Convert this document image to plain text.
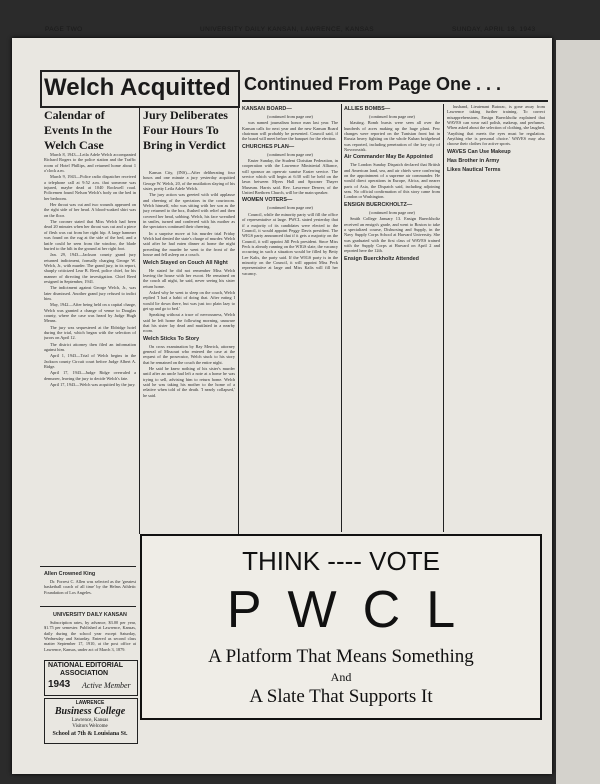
PAGE TWO	UNIVERSITY DAILY KANSAN, LAWRENCE, KANSAS	SUNDAY, APRIL 18, 1943
Welch Acquitted Continued From Page One . . .
Calendar of Events In the Welch Case

March 8, 1943—Leila Adele Welch accompanied Richard Rogers to the police station and the Traffic room of Hotel Phillips, and returned home about 1 o'clock a.m.

March 9, 1943—Police radio dispatcher received a telephone call at 9:52 a.m. that someone was injured, maybe dead at 1040 Rockwell road. Policemen found Nelson Welch's body on the bed in her bedroom.

Her throat was cut and two wounds appeared on the right side of her head. A blood-soaked shirt was on the floor.

The coroner stated that Miss Welch had been dead 20 minutes when her throat was cut and a piece of flesh was cut from her right hip. A large hammer was found on the rug at the side of the bed, and a knife could be seen from the window, the blade buried to the hilt in the ground at her right foot.

Jan. 29, 1943—Jackson county grand jury returned indictment, formally charging George W. Welch, Jr., with murder. The grand jury, in its report, sharply criticized Lear B. Reed, police chief, for his manner of directing the investigation. Chief Reed resigned in September, 1941.

The indictment against George Welch, Jr., was later dismissed. Another grand jury refused to indict him.

May, 1942—After being held on a capital charge, Welch was granted a change of venue to Douglas county, where the case was heard by Judge Hugh Means.

The jury was sequestered at the Eldridge hotel during the trial, which began with the selection of jurors on April 12.

The district attorney then filed an information against him.

April 1, 1943—Trial of Welch begins in the Jackson county Circuit court before Judge Albert A. Ridge.

April 17, 1943—Judge Ridge overruled a demurrer, leaving the jury to decide Welch's fate.

April 17, 1943—Welch was acquitted by the jury.

Jury Deliberates Four Hours To Bring in Verdict

Kansas City, (INS)—After deliberating four hours and one minute a jury yesterday acquitted George W. Welch, 20, of the mutilation slaying of his sister, pretty Leila Adele Welch.

The jury action was greeted with wild applause and cheering of the spectators in the courtroom. Welch himself, who was sitting with her son as the jury returned to the box, flushed with relief and then covered her head, sobbing. Welch, his face wreathed in smiles, turned and conferred with his mother as the spectators continued their cheering.

In a surprise move at his murder trial Friday Welch had denied the state's charge of murder. Welch said after he had eaten dinner at home the night preceding the murder he went to the front of the house and fell asleep on a couch.

Welch Stayed on Couch All Night

He stated he did not remember Miss Welch leaving the house with her escort. He remained on the couch all night, he said, never seeing his sister return home.

Asked why he went to sleep on the couch, Welch replied 'I had a habit of doing that. After eating I would lie down there, but was just too plain lazy to get up and go to bed.'

Speaking without a trace of nervousness, Welch said he left home the following morning, unaware that his sister lay dead and mutilated in a nearby room.

Welch Sticks To Story

On cross examination by Ray Merrick, attorney general of Missouri who entered the case at the request of the prosecutor, Welch stuck to his story that he remained on the couch the entire night.

He said he knew nothing of his sister's murder until after an uncle had left a note at a home he was trying to sell, advising him to return home. Welch said he was taking his mother to the home of a relative when told of the death. 'I nearly collapsed,' he said.

KANSAN BOARD—

(continued from page one)

was named journalism honor man last year. The Kansan calls for next year and the new Kansan Board chairman will probably be presented. Council said, if the board will meet before the banquet for the election.

CHURCHES PLAN—

(continued from page one)

Easter Sunday, the Student Christian Federation, in cooperation with the Lawrence Ministerial Alliance, will sponsor an open-air sunrise Easter service. The service which will begin at 6:30 will be held on the lawn between Myers Hall and Spooner Thayer Museum. Harris said. Rev. Lawrence Denver, of the United Brethren Church, will be the main speaker.

WOMEN VOTERS—

(continued from page one)

Council, while the minority party will fill the office of representative at large. PWCL stated yesterday that if a majority of its candidates were elected to the Council, it would appoint Peggy Davis president. The WIGS party announced that if it gets a majority on the Council, it will appoint Jill Peck president. Since Miss Peck is already running on the WIGS slate, the vacancy occurring in such a situation would be filled by Betty Lee Kalis, the party said. If the WIGS party is in the minority on the Council, it will appoint Miss Peck representative at large and Miss Kalis will fill her vacancy.

ALLIES BOMBS—

(continued from page one)

blasting. Bomb bursts were seen all over the hundreds of acres making up the huge plant. Few changes were reported on the Tunisian front but in Russia heavy fighting on the whole Kuban bridgehead was reported, including penetration of the key city of Novorossisk.

Air Commander May Be Appointed

The London Sunday Dispatch declared that British and American land, sea, and air chiefs were conferring on the appointment of a supreme air commander. He would direct operations in Europe, Africa, and nearer parts of Asia, the Dispatch said, including adjoining seas. No official confirmation of this story came from London or Washington.

ENSIGN BUERCKHOLTZ—

(continued from page one)

Smith College January 13. Ensign Buerckholtz received an ensign's grade, and went to Boston to take a specialized course, Disbursing and Supply, in the Navy Supply Corps School at Harvard University. She was graduated with the first class of WAVES trained with the Supply Corps at Harvard on April 2 and reported here the 12th.

Ensign Buerckholtz Attended

husband, Lieutenant Butorac, is gone away from Lawrence taking further training. To correct misapprehensions, Ensign Buerckholtz explained that WAVES can wear nail polish, makeup, and perfumes. When asked about the selection of clothing, she laughed, 'Anything that meets the eyes must be regulation. Anything else is personal choice.' WAVES may also choose their clothes for active sports.

WAVES Can Use Makeup

Has Brother in Army

Likes Nautical Terms

Allen Crowned King

Dr. Forrest C. Allen was selected as the 'greatest basketball coach of all time' by the Helms Athletic Foundation of Los Angeles.

UNIVERSITY DAILY KANSAN

Subscription rates, by advance, $3.00 per year, $1.75 per semester. Published at Lawrence, Kansas, daily during the school year except Saturday, Wednesday and Saturday. Entered as second class matter September 17, 1910, at the post office at Lawrence, Kansas, under act of March 3, 1879.

NATIONAL EDITORIAL
ASSOCIATION
1943 Active Member
LAWRENCE
Business College
Lawrence, Kansas
Visitors Welcome
School at 7th & Louisiana St.
THINK ---- VOTE
PWCL
A Platform That Means Something
And
A Slate That Supports It
